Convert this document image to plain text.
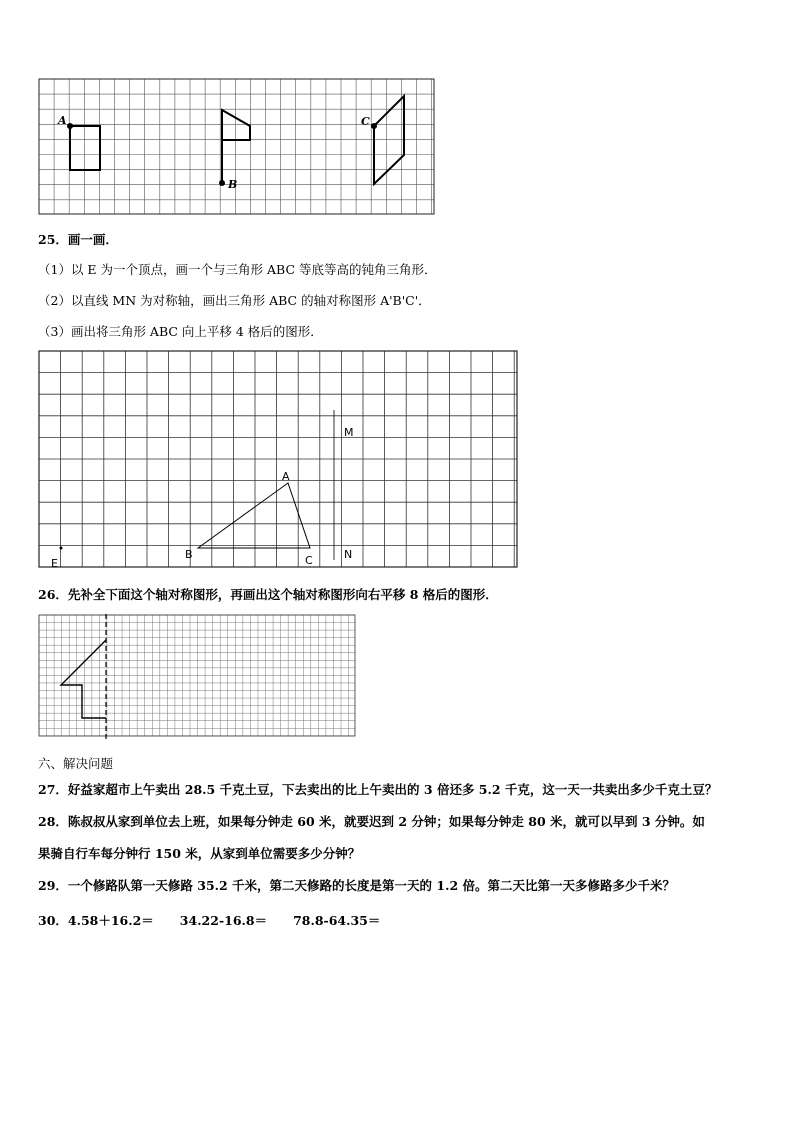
A
B
C
25．画一画．
（1）以 E 为一个顶点，画一个与三角形 ABC 等底等高的钝角三角形．
（2）以直线 MN 为对称轴，画出三角形 ABC 的轴对称图形 A'B'C'．
（3）画出将三角形 ABC 向上平移 4 格后的图形．
M
N
A
B	C
E
26．先补全下面这个轴对称图形，再画出这个轴对称图形向右平移 8 格后的图形．
六、解决问题
27．好益家超市上午卖出 28.5 千克土豆，下去卖出的比上午卖出的 3 倍还多 5.2 千克，这一天一共卖出多少千克土豆？
28．陈叔叔从家到单位去上班，如果每分钟走 60 米，就要迟到 2 分钟；如果每分钟走 80 米，就可以早到 3 分钟。如
果骑自行车每分钟行 150 米，从家到单位需要多少分钟？
29．一个修路队第一天修路 35.2 千米，第二天修路的长度是第一天的 1.2 倍。第二天比第一天多修路多少千米？
30．4.58＋16.2＝ 34.22-16.8＝ 78.8-64.35＝
